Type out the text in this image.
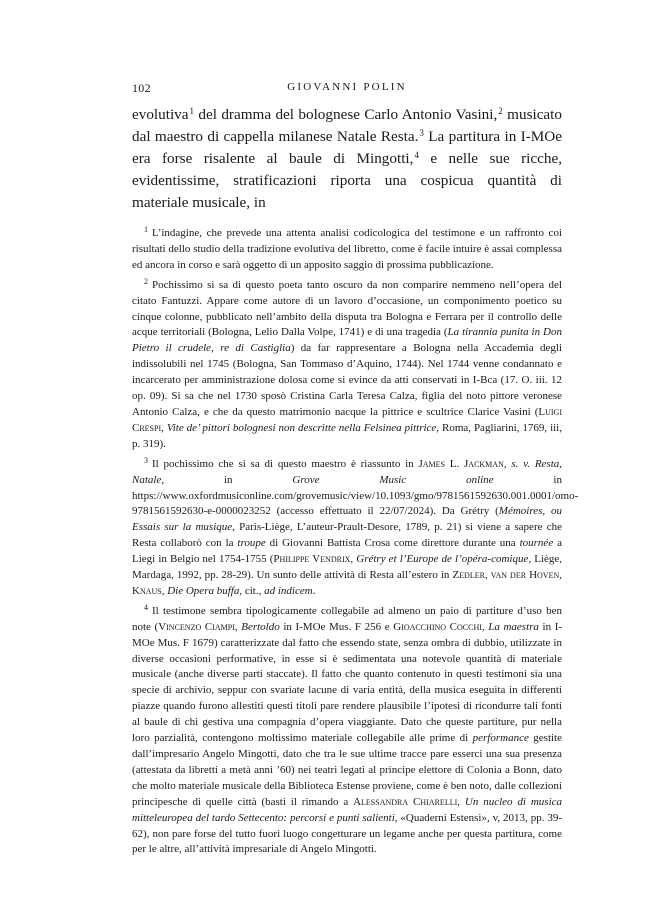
102	GIOVANNI POLIN

evolutiva$^1$ del dramma del bolognese Carlo Antonio Vasini,$^2$ musicato dal maestro di cappella milanese Natale Resta.$^3$ La partitura in I-MOe era forse risalente al baule di Mingotti,$^4$ e nelle sue ricche, evidentissime, stratificazioni riporta una cospicua quantità di materiale musicale, in

$^1$ L’indagine, che prevede una attenta analisi codicologica del testimone e un raffronto coi risultati dello studio della tradizione evolutiva del libretto, come è facile intuire è assai complessa ed ancora in corso e sarà oggetto di un apposito saggio di prossima pubblicazione.

$^2$ Pochissimo si sa di questo poeta tanto oscuro da non comparire nemmeno nell’opera del citato Fantuzzi. Appare come autore di un lavoro d’occasione, un componimento poetico su cinque colonne, pubblicato nell’ambito della disputa tra Bologna e Ferrara per il controllo delle acque territoriali (Bologna, Lelio Dalla Volpe, 1741) e di una tragedia (La tirannia punita in Don Pietro il crudele, re di Castiglia) da far rappresentare a Bologna nella Accademia degli indissolubili nel 1745 (Bologna, San Tommaso d’Aquino, 1744). Nel 1744 venne condannato e incarcerato per amministrazione dolosa come si evince da atti conservati in I-Bca (17. O. iii. 12 op. 09). Si sa che nel 1730 sposò Cristina Carla Teresa Calza, figlia del noto pittore veronese Antonio Calza, e che da questo matrimonio nacque la pittrice e scultrice Clarice Vasini (Luigi Crespi, Vite de’ pittori bolognesi non descritte nella Felsinea pittrice, Roma, Pagliarini, 1769, iii, p. 319).

$^3$ Il pochissimo che si sa di questo maestro è riassunto in James L. Jackman, s. v. Resta, Natale, in Grove Music online in https://www.oxfordmusiconline.com/grovemusic/view/10.1093/gmo/9781561592630.001.0001/omo-9781561592630-e-0000023252 (accesso effettuato il 22/07/2024). Da Grétry (Mémoires, ou Essais sur la musique, Paris-Liège, L’auteur-Prault-Desore, 1789, p. 21) si viene a sapere che Resta collaborò con la troupe di Giovanni Battista Crosa come direttore durante una tournée a Liegi in Belgio nel 1754-1755 (Philippe Vendrix, Grétry et l’Europe de l’opéra-comique, Liège, Mardaga, 1992, pp. 28-29). Un sunto delle attività di Resta all’estero in Zedler, van der Hoven, Knaus, Die Opera buffa, cit., ad indicem.

$^4$ Il testimone sembra tipologicamente collegabile ad almeno un paio di partiture d’uso ben note (Vincenzo Ciampi, Bertoldo in I-MOe Mus. F 256 e Gioacchino Cocchi, La maestra in I-MOe Mus. F 1679) caratterizzate dal fatto che essendo state, senza ombra di dubbio, utilizzate in diverse occasioni performative, in esse si è sedimentata una notevole quantità di materiale musicale (anche diverse parti staccate). Il fatto che quanto contenuto in questi testimoni sia una specie di archivio, seppur con svariate lacune di varia entità, della musica eseguita in differenti piazze quando furono allestiti questi titoli pare rendere plausibile l’ipotesi di ricondurre tali fonti al baule di chi gestiva una compagnia d’opera viaggiante. Dato che queste partiture, pur nella loro parzialità, contengono moltissimo materiale collegabile alle prime di performance gestite dall’impresario Angelo Mingotti, dato che tra le sue ultime tracce pare esserci una sua presenza (attestata da libretti a metà anni ’60) nei teatri legati al principe elettore di Colonia a Bonn, dato che molto materiale musicale della Biblioteca Estense proviene, come è ben noto, dalle collezioni principesche di quelle città (basti il rimando a Alessandra Chiarelli, Un nucleo di musica mitteleuropea del tardo Settecento: percorsi e punti salienti, «Quaderni Estensi», v, 2013, pp. 39-62), non pare forse del tutto fuori luogo congetturare un legame anche per questa partitura, come per le altre, all’attività impresariale di Angelo Mingotti.
